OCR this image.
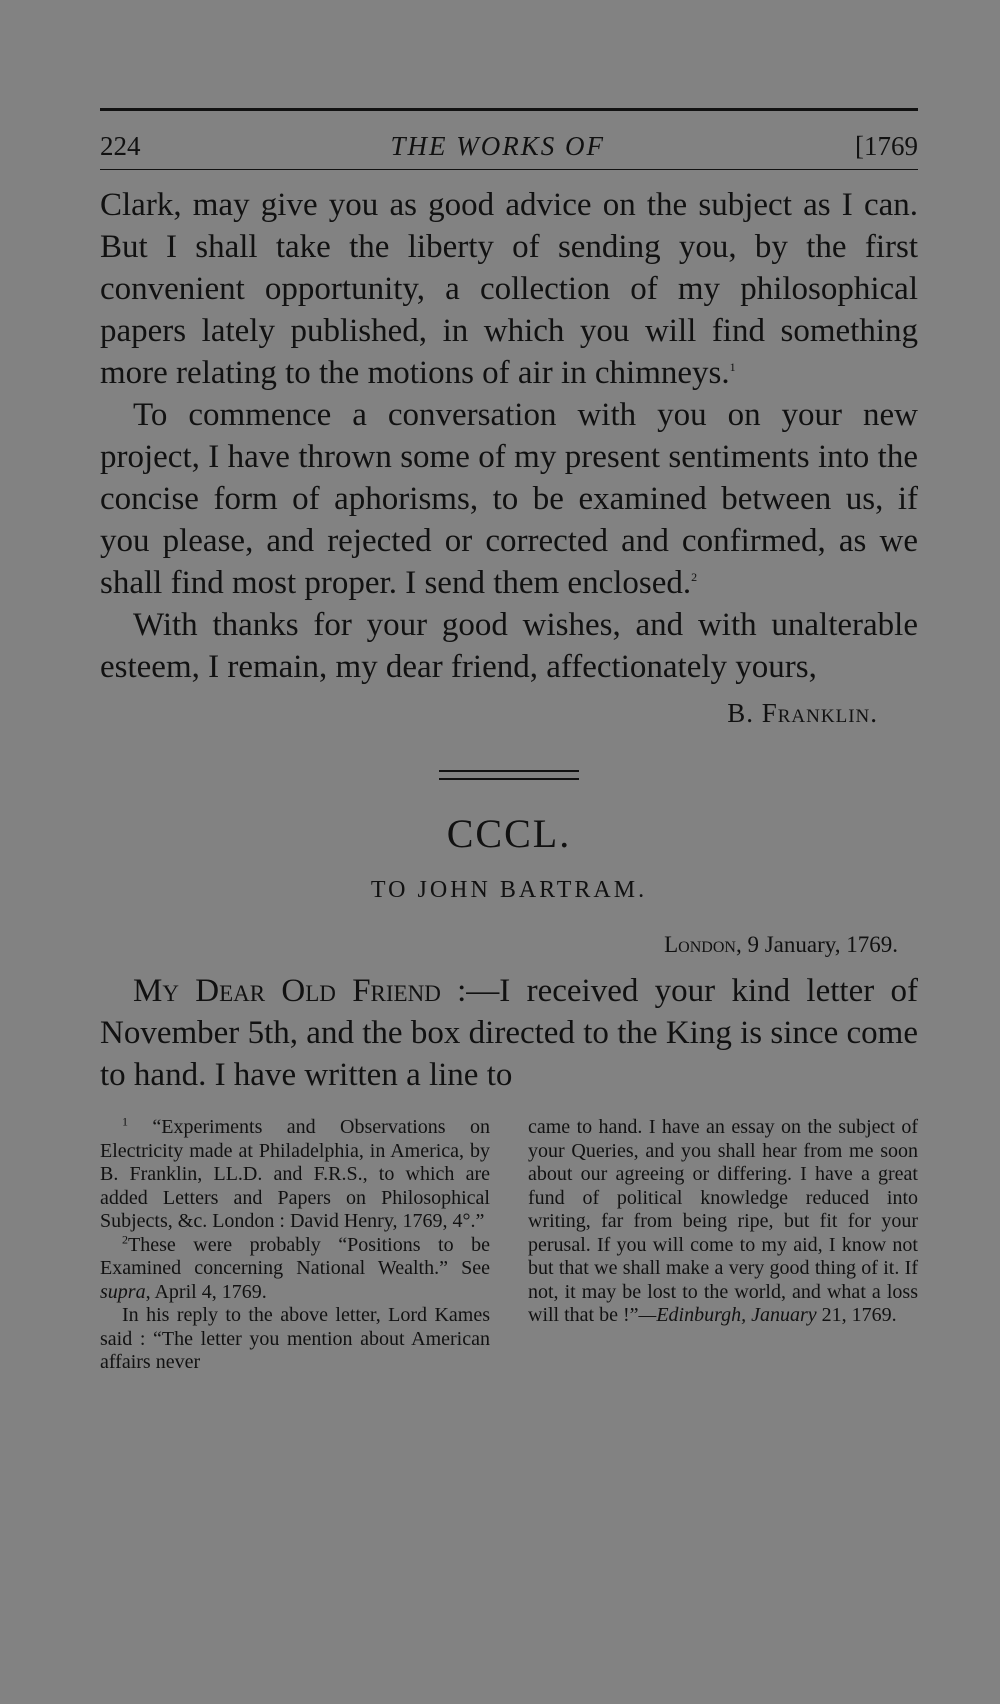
224	THE WORKS OF	[1769

Clark, may give you as good advice on the subject as I can. But I shall take the liberty of sending you, by the first convenient opportunity, a collection of my philosophical papers lately published, in which you will find something more relating to the motions of air in chimneys.$^1$

To commence a conversation with you on your new project, I have thrown some of my present sentiments into the concise form of aphorisms, to be examined between us, if you please, and rejected or corrected and confirmed, as we shall find most proper. I send them enclosed.$^2$

With thanks for your good wishes, and with unalterable esteem, I remain, my dear friend, affectionately yours,

B. Franklin.
CCCL.
TO JOHN BARTRAM.
London, 9 January, 1769.

My Dear Old Friend :—I received your kind letter of November 5th, and the box directed to the King is since come to hand. I have written a line to

$^1$ “Experiments and Observations on Electricity made at Philadelphia, in America, by B. Franklin, LL.D. and F.R.S., to which are added Letters and Papers on Philosophical Subjects, &c. London : David Henry, 1769, 4°.”

$^2$These were probably “Positions to be Examined concerning National Wealth.” See supra, April 4, 1769.

In his reply to the above letter, Lord Kames said : “The letter you mention about American affairs never

came to hand. I have an essay on the subject of your Queries, and you shall hear from me soon about our agreeing or differing. I have a great fund of political knowledge reduced into writing, far from being ripe, but fit for your perusal. If you will come to my aid, I know not but that we shall make a very good thing of it. If not, it may be lost to the world, and what a loss will that be !”—Edinburgh, January 21, 1769.
